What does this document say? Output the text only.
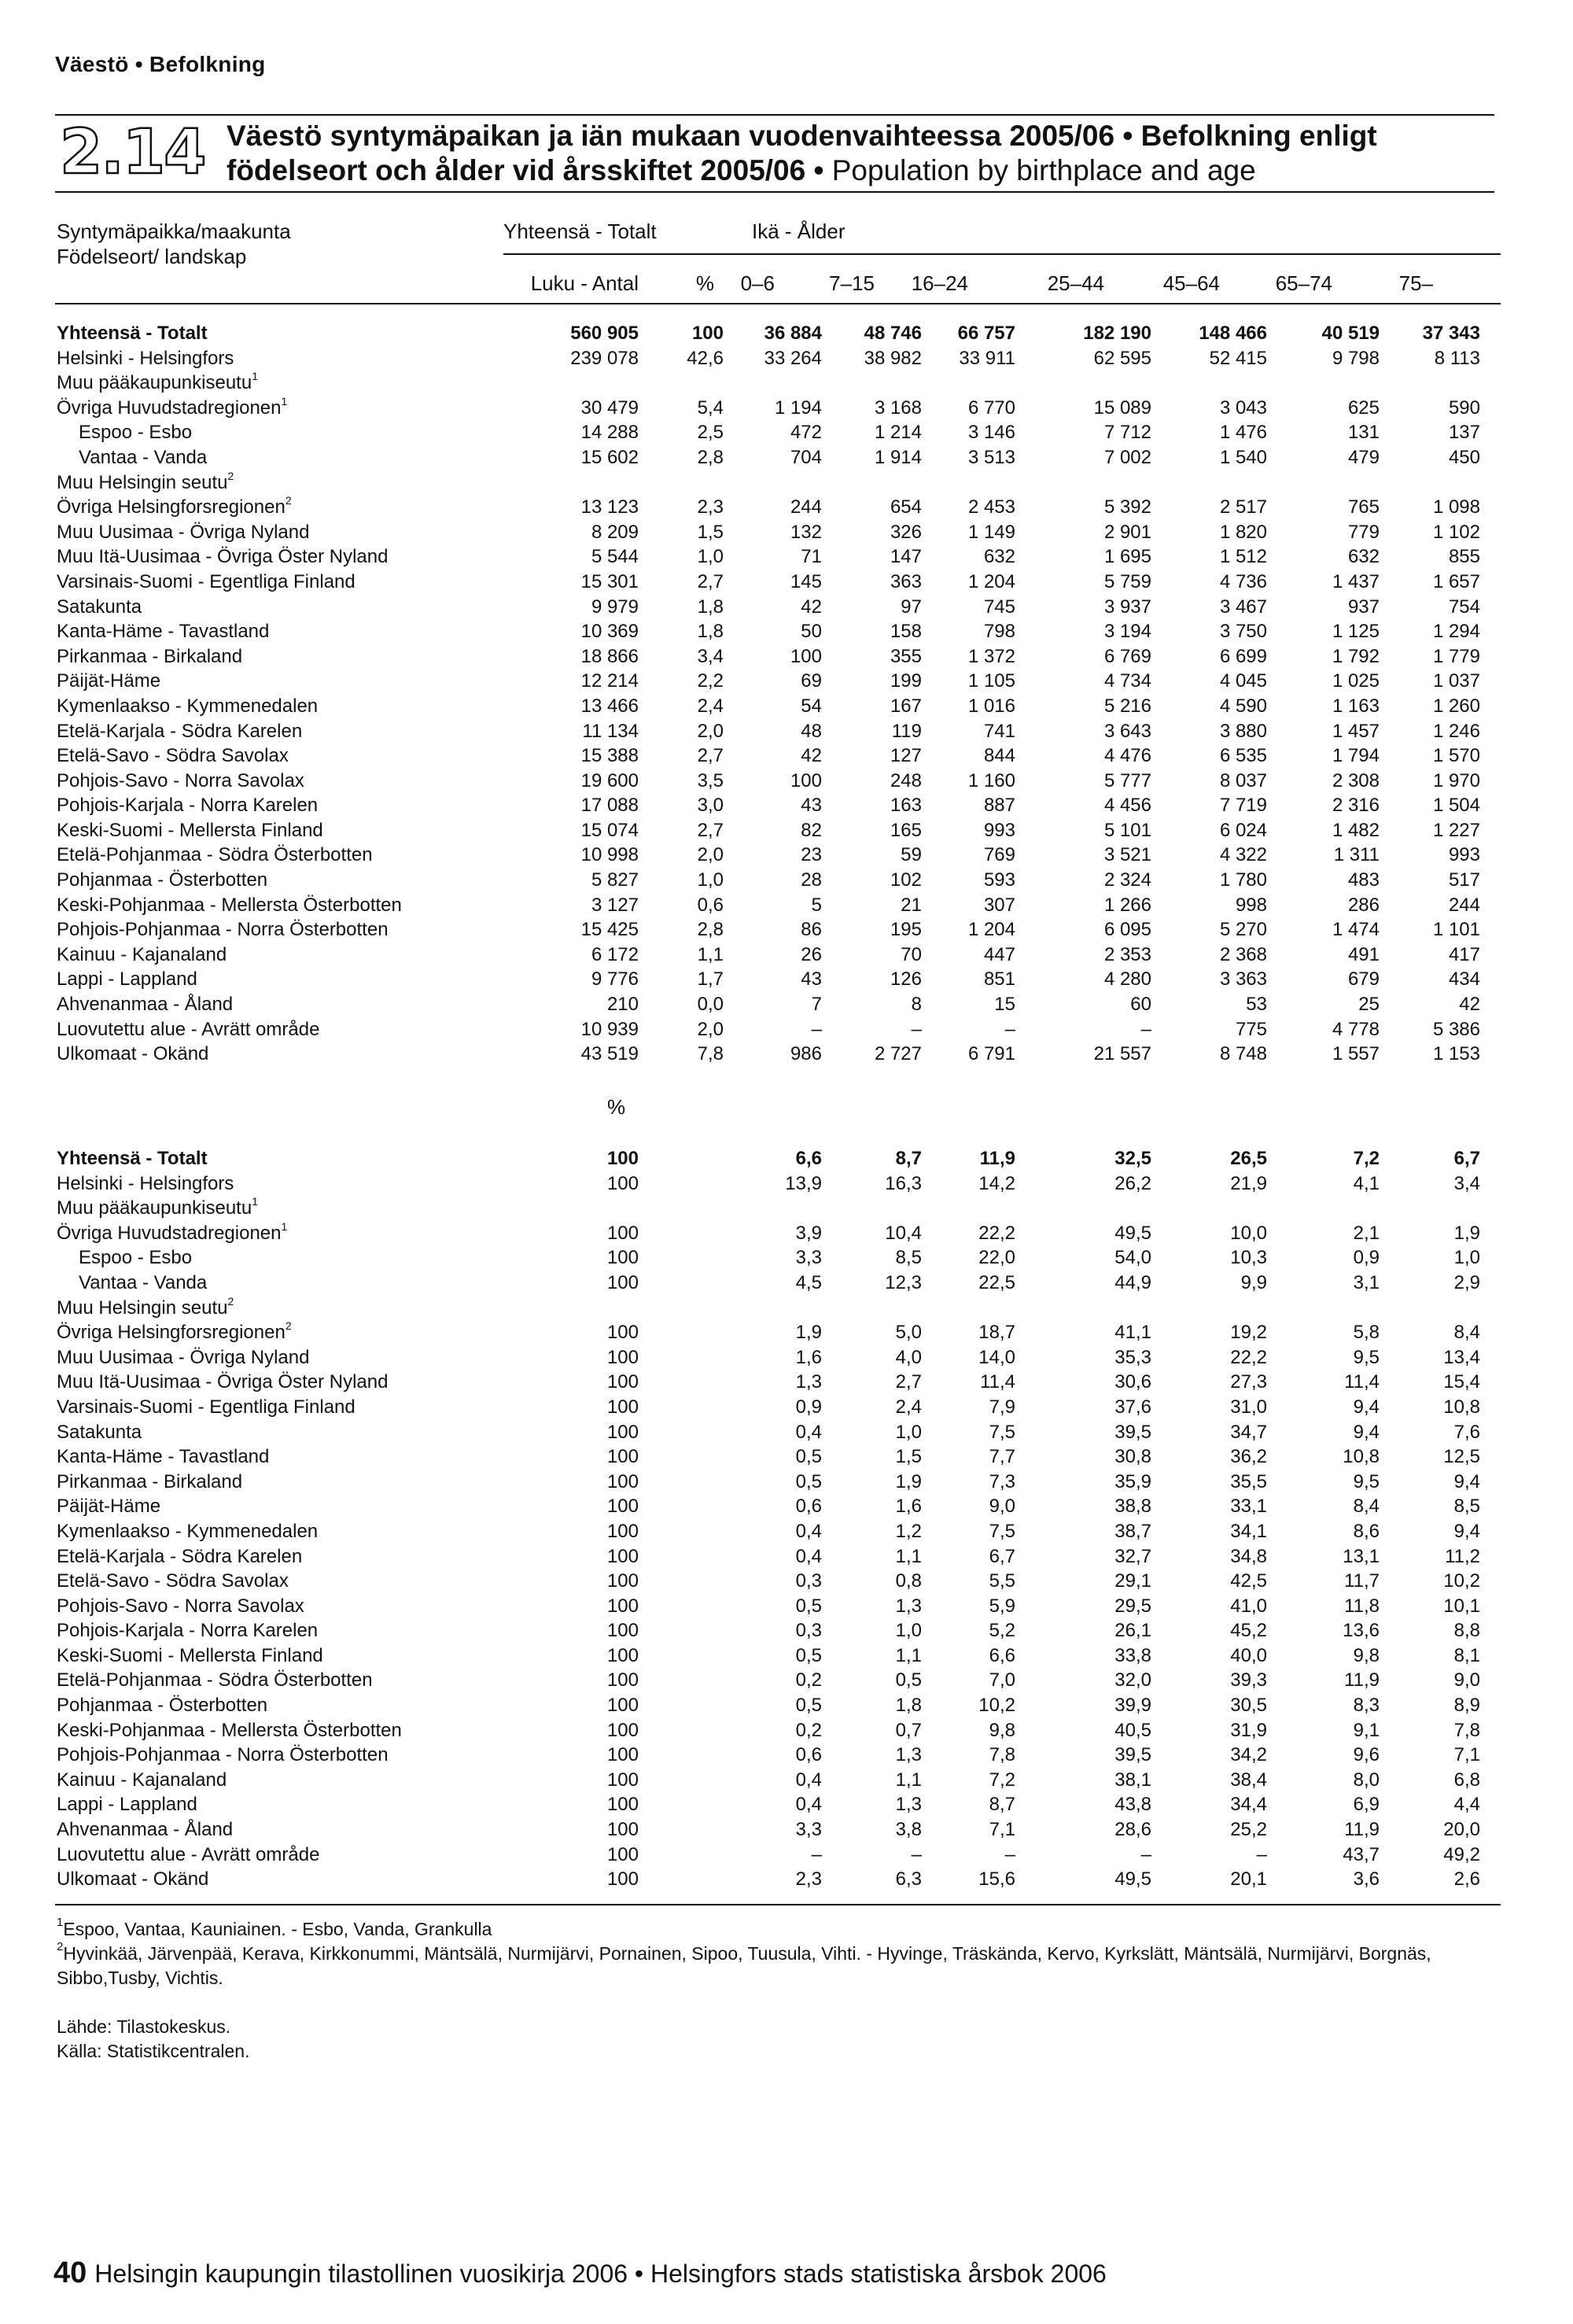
Väestö • Befolkning
2.14 Väestö syntymäpaikan ja iän mukaan vuodenvaihteessa 2005/06 • Befolkning enligt födelseort och ålder vid årsskiftet 2005/06 • Population by birthplace and age
Syntymäpaikka/maakunta
Födelseort/ landskap
Yhteensä - Totalt	Ikä - Ålder
Luku - Antal	%	0–6	7–15	16–24	25–44	45–64	65–74	75–
Yhteensä - Totalt	560 905	100	36 884	48 746	66 757	182 190	148 466	40 519	37 343
Helsinki - Helsingfors	239 078	42,6	33 264	38 982	33 911	62 595	52 415	9 798	8 113
Muu pääkaupunkiseutu$^1$									
Övriga Huvudstadregionen$^1$	30 479	5,4	1 194	3 168	6 770	15 089	3 043	625	590
Espoo - Esbo	14 288	2,5	472	1 214	3 146	7 712	1 476	131	137
Vantaa - Vanda	15 602	2,8	704	1 914	3 513	7 002	1 540	479	450
Muu Helsingin seutu$^2$									
Övriga Helsingforsregionen$^2$	13 123	2,3	244	654	2 453	5 392	2 517	765	1 098
Muu Uusimaa - Övriga Nyland	8 209	1,5	132	326	1 149	2 901	1 820	779	1 102
Muu Itä-Uusimaa - Övriga Öster Nyland	5 544	1,0	71	147	632	1 695	1 512	632	855
Varsinais-Suomi - Egentliga Finland	15 301	2,7	145	363	1 204	5 759	4 736	1 437	1 657
Satakunta	9 979	1,8	42	97	745	3 937	3 467	937	754
Kanta-Häme - Tavastland	10 369	1,8	50	158	798	3 194	3 750	1 125	1 294
Pirkanmaa - Birkaland	18 866	3,4	100	355	1 372	6 769	6 699	1 792	1 779
Päijät-Häme	12 214	2,2	69	199	1 105	4 734	4 045	1 025	1 037
Kymenlaakso - Kymmenedalen	13 466	2,4	54	167	1 016	5 216	4 590	1 163	1 260
Etelä-Karjala - Södra Karelen	11 134	2,0	48	119	741	3 643	3 880	1 457	1 246
Etelä-Savo - Södra Savolax	15 388	2,7	42	127	844	4 476	6 535	1 794	1 570
Pohjois-Savo - Norra Savolax	19 600	3,5	100	248	1 160	5 777	8 037	2 308	1 970
Pohjois-Karjala - Norra Karelen	17 088	3,0	43	163	887	4 456	7 719	2 316	1 504
Keski-Suomi - Mellersta Finland	15 074	2,7	82	165	993	5 101	6 024	1 482	1 227
Etelä-Pohjanmaa - Södra Österbotten	10 998	2,0	23	59	769	3 521	4 322	1 311	993
Pohjanmaa - Österbotten	5 827	1,0	28	102	593	2 324	1 780	483	517
Keski-Pohjanmaa - Mellersta Österbotten	3 127	0,6	5	21	307	1 266	998	286	244
Pohjois-Pohjanmaa - Norra Österbotten	15 425	2,8	86	195	1 204	6 095	5 270	1 474	1 101
Kainuu - Kajanaland	6 172	1,1	26	70	447	2 353	2 368	491	417
Lappi - Lappland	9 776	1,7	43	126	851	4 280	3 363	679	434
Ahvenanmaa - Åland	210	0,0	7	8	15	60	53	25	42
Luovutettu alue - Avrätt område	10 939	2,0	–	–	–	–	775	4 778	5 386
Ulkomaat - Okänd	43 519	7,8	986	2 727	6 791	21 557	8 748	1 557	1 153
%
Yhteensä - Totalt	100		6,6	8,7	11,9	32,5	26,5	7,2	6,7
Helsinki - Helsingfors	100		13,9	16,3	14,2	26,2	21,9	4,1	3,4
Muu pääkaupunkiseutu$^1$									
Övriga Huvudstadregionen$^1$	100		3,9	10,4	22,2	49,5	10,0	2,1	1,9
Espoo - Esbo	100		3,3	8,5	22,0	54,0	10,3	0,9	1,0
Vantaa - Vanda	100		4,5	12,3	22,5	44,9	9,9	3,1	2,9
Muu Helsingin seutu$^2$									
Övriga Helsingforsregionen$^2$	100		1,9	5,0	18,7	41,1	19,2	5,8	8,4
Muu Uusimaa - Övriga Nyland	100		1,6	4,0	14,0	35,3	22,2	9,5	13,4
Muu Itä-Uusimaa - Övriga Öster Nyland	100		1,3	2,7	11,4	30,6	27,3	11,4	15,4
Varsinais-Suomi - Egentliga Finland	100		0,9	2,4	7,9	37,6	31,0	9,4	10,8
Satakunta	100		0,4	1,0	7,5	39,5	34,7	9,4	7,6
Kanta-Häme - Tavastland	100		0,5	1,5	7,7	30,8	36,2	10,8	12,5
Pirkanmaa - Birkaland	100		0,5	1,9	7,3	35,9	35,5	9,5	9,4
Päijät-Häme	100		0,6	1,6	9,0	38,8	33,1	8,4	8,5
Kymenlaakso - Kymmenedalen	100		0,4	1,2	7,5	38,7	34,1	8,6	9,4
Etelä-Karjala - Södra Karelen	100		0,4	1,1	6,7	32,7	34,8	13,1	11,2
Etelä-Savo - Södra Savolax	100		0,3	0,8	5,5	29,1	42,5	11,7	10,2
Pohjois-Savo - Norra Savolax	100		0,5	1,3	5,9	29,5	41,0	11,8	10,1
Pohjois-Karjala - Norra Karelen	100		0,3	1,0	5,2	26,1	45,2	13,6	8,8
Keski-Suomi - Mellersta Finland	100		0,5	1,1	6,6	33,8	40,0	9,8	8,1
Etelä-Pohjanmaa - Södra Österbotten	100		0,2	0,5	7,0	32,0	39,3	11,9	9,0
Pohjanmaa - Österbotten	100		0,5	1,8	10,2	39,9	30,5	8,3	8,9
Keski-Pohjanmaa - Mellersta Österbotten	100		0,2	0,7	9,8	40,5	31,9	9,1	7,8
Pohjois-Pohjanmaa - Norra Österbotten	100		0,6	1,3	7,8	39,5	34,2	9,6	7,1
Kainuu - Kajanaland	100		0,4	1,1	7,2	38,1	38,4	8,0	6,8
Lappi - Lappland	100		0,4	1,3	8,7	43,8	34,4	6,9	4,4
Ahvenanmaa - Åland	100		3,3	3,8	7,1	28,6	25,2	11,9	20,0
Luovutettu alue - Avrätt område	100		–	–	–	–	–	43,7	49,2
Ulkomaat - Okänd	100		2,3	6,3	15,6	49,5	20,1	3,6	2,6
$^1$Espoo, Vantaa, Kauniainen. - Esbo, Vanda, Grankulla
$^2$Hyvinkää, Järvenpää, Kerava, Kirkkonummi, Mäntsälä, Nurmijärvi, Pornainen, Sipoo, Tuusula, Vihti. - Hyvinge, Träskända, Kervo, Kyrkslätt, Mäntsälä, Nurmijärvi, Borgnäs, Sibbo,Tusby, Vichtis.
Lähde: Tilastokeskus.
Källa: Statistikcentralen.
40 Helsingin kaupungin tilastollinen vuosikirja 2006 • Helsingfors stads statistiska årsbok 2006
